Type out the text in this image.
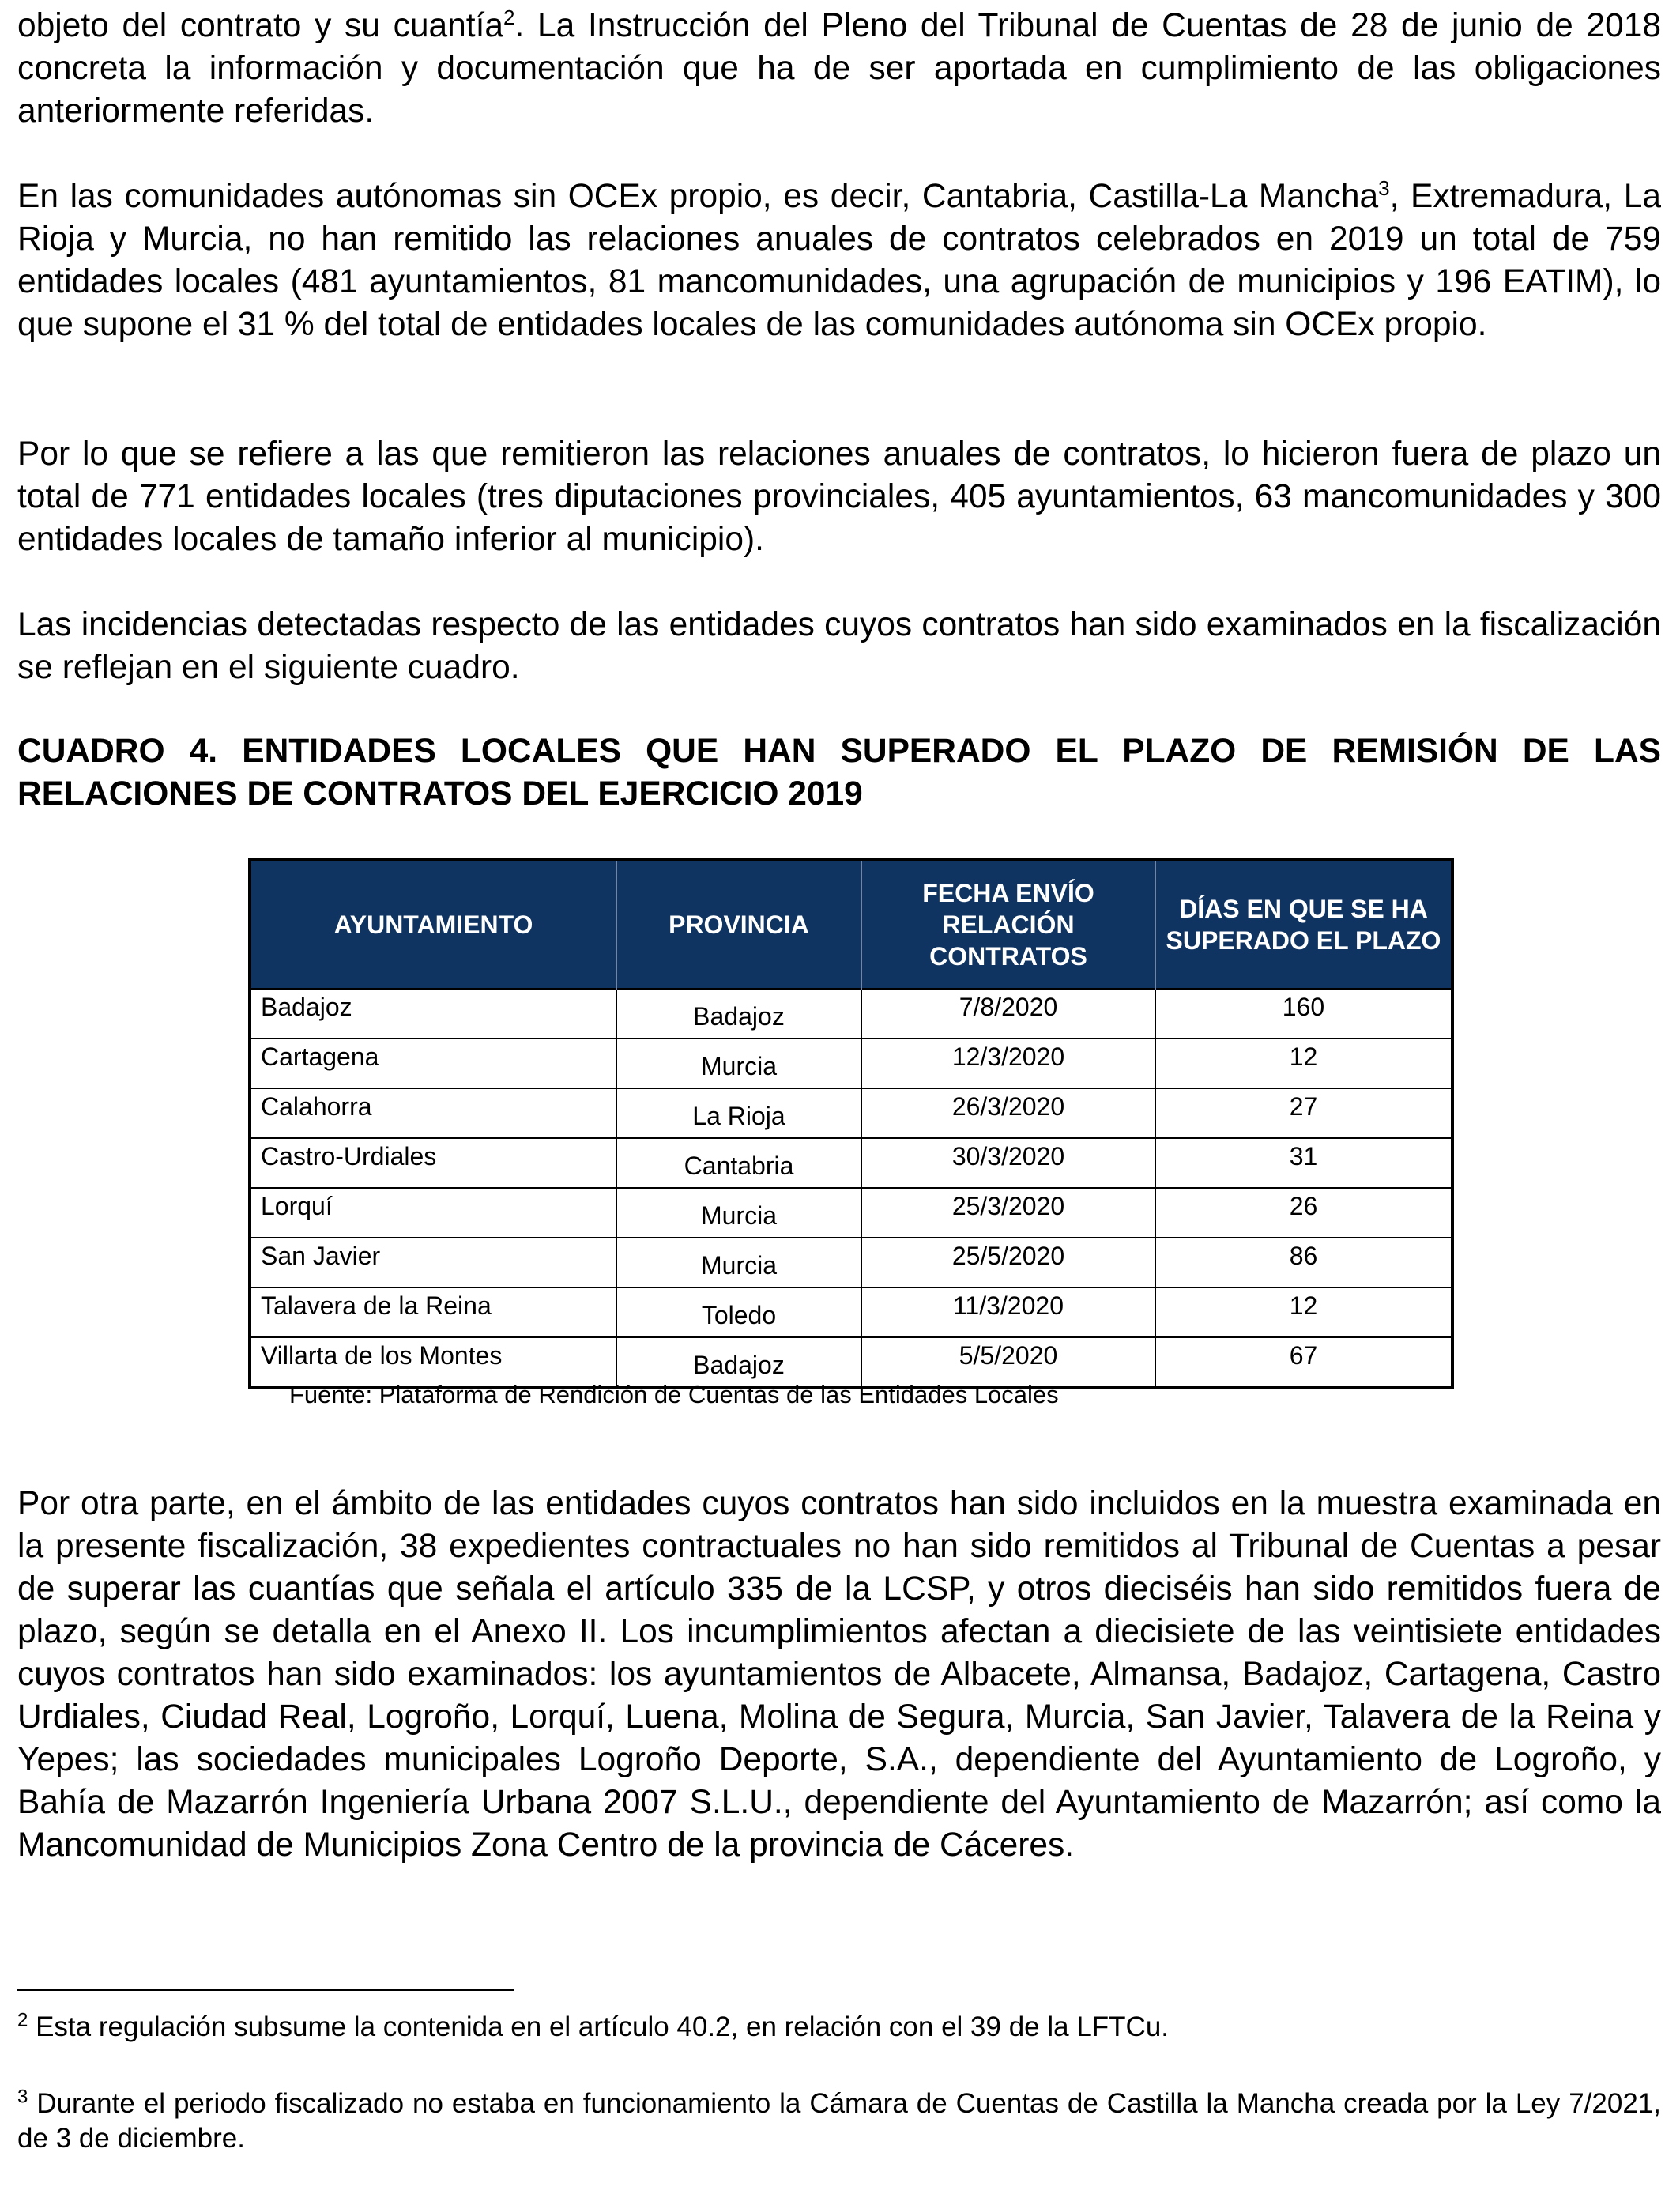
objeto del contrato y su cuantía$^2$. La Instrucción del Pleno del Tribunal de Cuentas de 28 de junio de 2018 concreta la información y documentación que ha de ser aportada en cumplimiento de las obligaciones anteriormente referidas.

En las comunidades autónomas sin OCEx propio, es decir, Cantabria, Castilla-La Mancha$^3$, Extremadura, La Rioja y Murcia, no han remitido las relaciones anuales de contratos celebrados en 2019 un total de 759 entidades locales (481 ayuntamientos, 81 mancomunidades, una agrupación de municipios y 196 EATIM), lo que supone el 31 % del total de entidades locales de las comunidades autónoma sin OCEx propio.

Por lo que se refiere a las que remitieron las relaciones anuales de contratos, lo hicieron fuera de plazo un total de 771 entidades locales (tres diputaciones provinciales, 405 ayuntamientos, 63 mancomunidades y 300 entidades locales de tamaño inferior al municipio).

Las incidencias detectadas respecto de las entidades cuyos contratos han sido examinados en la fiscalización se reflejan en el siguiente cuadro.

CUADRO 4. ENTIDADES LOCALES QUE HAN SUPERADO EL PLAZO DE REMISIÓN DE LAS RELACIONES DE CONTRATOS DEL EJERCICIO 2019

AYUNTAMIENTO	PROVINCIA	FECHA ENVÍO RELACIÓN CONTRATOS	DÍAS EN QUE SE HA SUPERADO EL PLAZO
Badajoz	Badajoz	7/8/2020	160
Cartagena	Murcia	12/3/2020	12
Calahorra	La Rioja	26/3/2020	27
Castro-Urdiales	Cantabria	30/3/2020	31
Lorquí	Murcia	25/3/2020	26
San Javier	Murcia	25/5/2020	86
Talavera de la Reina	Toledo	11/3/2020	12
Villarta de los Montes	Badajoz	5/5/2020	67

Fuente: Plataforma de Rendición de Cuentas de las Entidades Locales

Por otra parte, en el ámbito de las entidades cuyos contratos han sido incluidos en la muestra examinada en la presente fiscalización, 38 expedientes contractuales no han sido remitidos al Tribunal de Cuentas a pesar de superar las cuantías que señala el artículo 335 de la LCSP, y otros dieciséis han sido remitidos fuera de plazo, según se detalla en el Anexo II. Los incumplimientos afectan a diecisiete de las veintisiete entidades cuyos contratos han sido examinados: los ayuntamientos de Albacete, Almansa, Badajoz, Cartagena, Castro Urdiales, Ciudad Real, Logroño, Lorquí, Luena, Molina de Segura, Murcia, San Javier, Talavera de la Reina y Yepes; las sociedades municipales Logroño Deporte, S.A., dependiente del Ayuntamiento de Logroño, y Bahía de Mazarrón Ingeniería Urbana 2007 S.L.U., dependiente del Ayuntamiento de Mazarrón; así como la Mancomunidad de Municipios Zona Centro de la provincia de Cáceres.

$^2$ Esta regulación subsume la contenida en el artículo 40.2, en relación con el 39 de la LFTCu.

$^3$ Durante el periodo fiscalizado no estaba en funcionamiento la Cámara de Cuentas de Castilla la Mancha creada por la Ley 7/2021, de 3 de diciembre.
